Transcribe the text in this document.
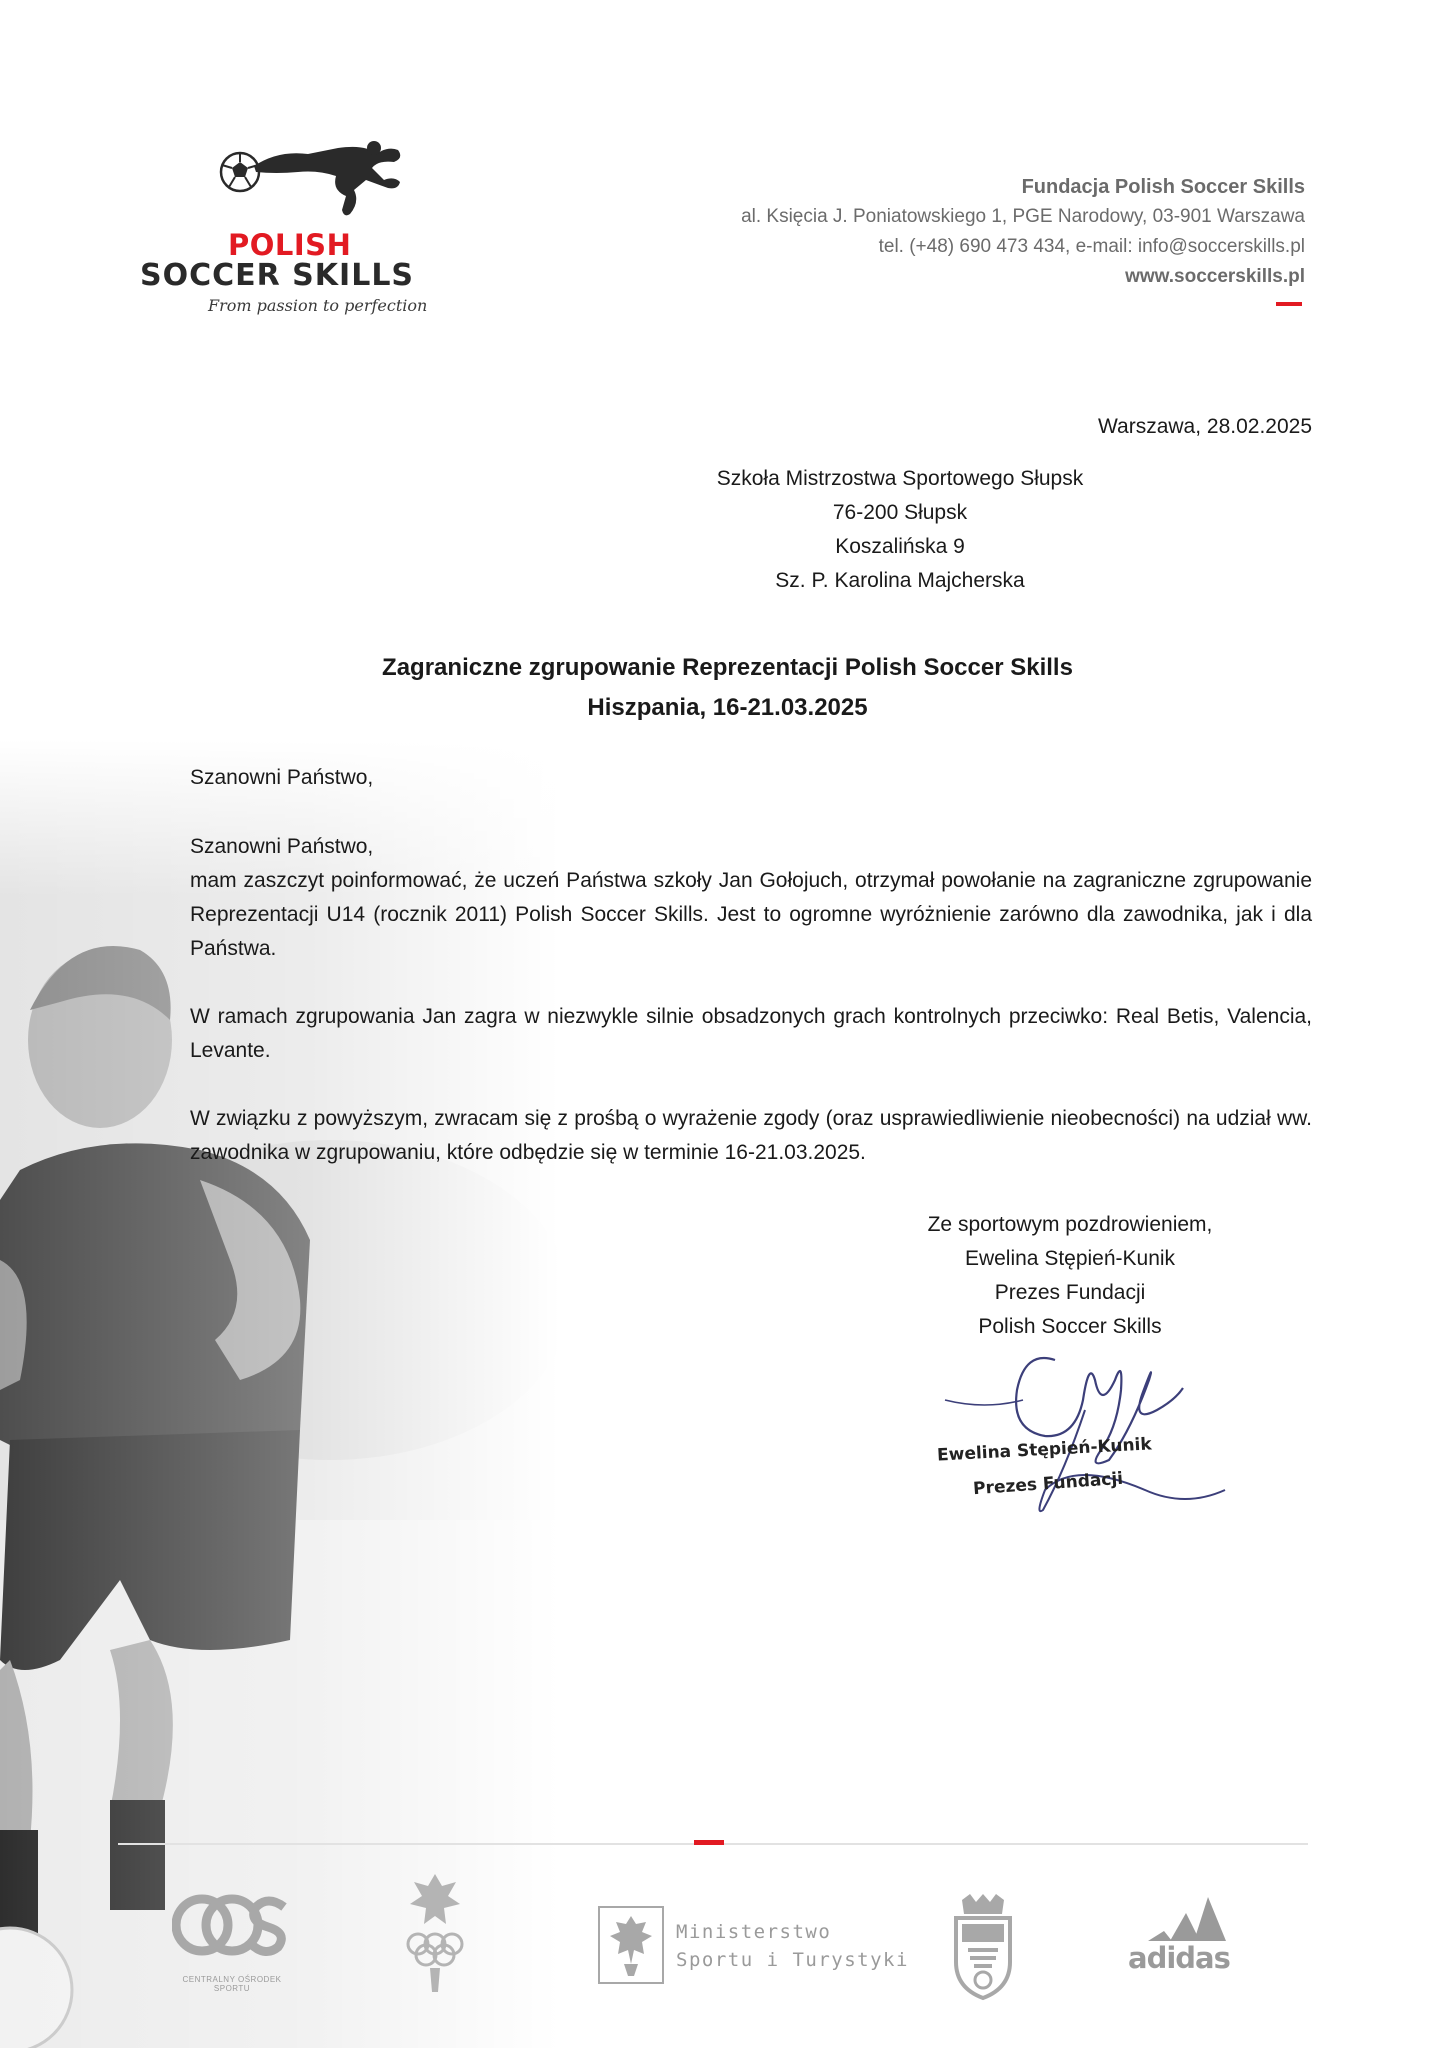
POLISH
SOCCER SKILLS
From passion to perfection
Fundacja Polish Soccer Skills
al. Księcia J. Poniatowskiego 1, PGE Narodowy, 03-901 Warszawa
tel. (+48) 690 473 434, e-mail: info@soccerskills.pl
www.soccerskills.pl
Warszawa, 28.02.2025
Szkoła Mistrzostwa Sportowego Słupsk
76-200 Słupsk
Koszalińska 9
Sz. P. Karolina Majcherska
Zagraniczne zgrupowanie Reprezentacji Polish Soccer Skills
Hiszpania, 16-21.03.2025
Szanowni Państwo,

Szanowni Państwo,
mam zaszczyt poinformować, że uczeń Państwa szkoły Jan Gołojuch, otrzymał powołanie na zagraniczne zgrupowanie Reprezentacji U14 (rocznik 2011) Polish Soccer Skills. Jest to ogromne wyróżnienie zarówno dla zawodnika, jak i dla Państwa.

W ramach zgrupowania Jan zagra w niezwykle silnie obsadzonych grach kontrolnych przeciwko: Real Betis, Valencia, Levante.

W związku z powyższym, zwracam się z prośbą o wyrażenie zgody (oraz usprawiedliwienie nieobecności) na udział ww. zawodnika w zgrupowaniu, które odbędzie się w terminie 16-21.03.2025.

Ze sportowym pozdrowieniem,
Ewelina Stępień-Kunik
Prezes Fundacji
Polish Soccer Skills
Ewelina Stępień-Kunik
Prezes Fundacji
CENTRALNY OŚRODEK SPORTU
Ministerstwo
Sportu i Turystyki	adidas
